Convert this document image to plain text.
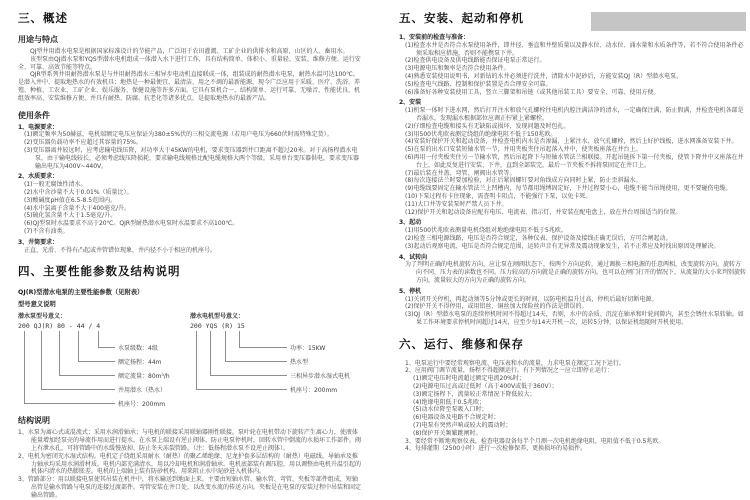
三、概述
用途与特点
QJ型井用潜水电泵是根据国家标准设计的节能产品，广泛用于农田灌溉、工矿企业的供排水和高原、山区的人、畜用水。
该型泵由QJ潜水泵和YQS型潜水电机组成一体潜入水下进行工作，具有结构简单、体积小、重量轻、安装、维修方便、运行安全、可靠、高效节能等特点。
QJR型系列井用耐热潜水泵是与井用耐热潜水三相异步电动机直接联成一体，组装成的耐热潜水电泵，耐热水温可达100℃。是潜入井中、提取地热水的有效机具；地热是一种最便宜、最清洁、用之不竭的最新能源，现今广泛应用于采暖、医疗、洗浴、养殖、种植、工农业、工矿企业、娱乐服务、保健设施等许多方面。它具有泵机合一、结构简单、运行可靠、无噪音、性能优良、机组效率高、安装维修方便、并具有耐热、防腐、抗老化等诸多优点，是提取地热水的最新产品。
使用条件
1、电源要求：
(1)额定频率为50赫兹，电机端额定电压应保证为380±5%伏的三相交流电源（若用户电压为660伏时需特殊定货）。
(2)变压器负载功率不应超过其容量的75%。
(3)变压器离井较远时，应考虑输电线压降，对功率大于45KW的电机，要求变压器到井口距离不超过20米。对于高扬程潜水电泵，由于输电线较长，必须考虑线压降损耗，要求输电线规格比配电缆规格大两个等级。采用单台变压器供电，要求变压器输出电压为400V~440V。
2、水质要求：
(1)一般无腐蚀性清水。
(2)水中含沙量不大于0.01%（质量比）。
(3)酸碱度pH值在6.5-8.5范围内。
(4)水中氯离子含量不大于400毫克/升。
(5)硫化氢含量不大于1.5毫克/升。
(6)QJ型泵时水温要求不高于20℃。QJR型耐热潜水电泵时水温要求不高100℃。
(7)不含有油类。
3、井筒要求：
正直、光滑、不得有凸起或井管错位现象，井内径不小于相应的机座号。
四、主要性能参数及结构说明
QJ(R)型潜水电泵的主要性能参数（见附表）
型号意义说明
潜水泵型号意义：
200 QJ(R) 80 - 44 / 4
水泵级数：4级
额定扬程：44m
额定流量：80m³/h
井用潜水（热水）
机座号：200mm
潜水电机型号意义：
200 YQS (R) 15
功率：15KW
热水型
三相异步潜水湿式电机
机座号：200mm
结构说明
1、水泵为离心式或混流式；采用水润滑轴承；与电机的联接采用联轴器刚性联接。泵叶轮在电机带动下旋转产生离心力，使液体能量增加经泵壳的导流作用而进行提水。在水泵上端设有逆止阀体，防止电泵停机时，回转水管中倒流的水损坏工作部件。阀上有泄水孔，可将管路中的水缓慢放掉，防止冬天冻裂管路。（注：低扬程潜水泵不设逆止阀体）。
2、电机为密闭充水湿式结构。电机定子绕组采用耐水（耐热）的聚乙烯绝缘、尼龙护套多层结构的（耐热）电磁线。导轴承及推力轴承均采用水润滑材质。电机内部充满清水，用以冷却电机和润滑轴承。电机底部装有调压腔，用以调整由电机升温引起的机体内清水的热膨胀差。电机的上端轴上装有防砂机构，用来阻止水中泥砂进入机体内。
3、管路部分：用以联接电泵使其吊装在机井中，将水输送到地面上来。主要由短轴水管、输水管、弯管、夹板等部件组成，短轴出管是输水管路与电泵的连接过渡部件。弯管安装在井口处，以改变水流的传送方向。夹板是在电泵的安装过程中吊装和固定输出管路。
五、安装、起动和停机
1、安装前的检查与准备：
(1)检查水井是否符合水泵使用条件，即井径、垂直和井壁质量以及静水位、动水位、涌水量和水质条件等，若不符合使用条件必须采取相应措施，否则不能携泵下井。
(2)检查供电设备及供电线路能否保证电泵正常运行。
(3)电源电压和频率是否符合使用条件。
(4)熟悉安装使用说明书，对新钻的水井必须进行洗井，清除水中泥砂后，方能安装QJ（R）型潜水电泵。
(5)检查电气线路、控制和保护装置是否合理安全可靠。
(6)准备好各种安装使用工具，竖立三脚架和吊链（或其他吊装工具）要安全、可靠、使用方便。
2、安装
(1)机泵一体时下进水网，然后打开注水和放气孔螺栓往电机内腔注满洁净的清水，一定确保注满，防止假满，并检查电机各部是否漏水。发现漏水根据部位应调正拧紧上紧螺栓。
(2)仔细检查电缆和接头有无缺陷或损坏，发现问题及时包扎。
(3)用500伏兆欧表测定绕组的绝缘电阻不低于150兆欧。
(4)安装好保护开关和起动设备，并检查电机内水是否渗漏，上紧注水、放气孔螺栓，然后上好护线板，进水网准备安装下井。
(5)在泵的出水口安装短轴水管一节，并用夹板夹住吊起落入井中，使夹板座落在井台上。
(6)再用一付夹板夹住另一节输水管，然后吊起降下与短轴水管法兰相联接。开起吊链拆下第一付夹板，使管下降井中又座落在井台上，如此反复进行安装、下井，直到全部装完，最后一节夹板不拆将泵固定在井口上。
(7)最后装在井盖、弯管、闸阀出水管等。
(8)每次连接法兰时要加检验，对正后紧固螺钉要对角线成方向同时上紧，防止歪斜漏水。
(9)电缆线要固定在输水管法兰上凹槽内，每节都用绳缚固定好，下井过程要小心，电缆不能当吊绳使用，更不要碰伤电缆。
(10)下泵过程有卡住现象，需查明卡阻点，不能强行下泵，以免卡死。
(11)大口井等安装泵时严禁人员下井。
(12)保护开关和起动设备应配有电压、电流表、指示灯，并安装在配电盘上，放在井台周围适当的位置。
3、起动
(1)用500伏兆欧表测量电机绕组对地绝缘电阻不低于5兆欧。
(2)检查三相电源线路，电压是否符合规定，各种仪表、保护设备及接线正确无误后，方可合闸起动。
(3)起动后观察电流、电压是否符合规定范围，运转声音有无异常及震动现象发生，若不正常应及时找出原因处理解决。
4、试转向
为了判明正确的电机旋转方向，应让泵在闸阀状态下，按两个方向运转，通过调换三相电源的任意两相，改变旋转方向。旋转方向不同，压力表的读数也不同。压力较高的方向就是正确的旋转方向。也可以在闸门打开的情况下，从流量的大小来判别旋转方向，流量较大的方向为正确的旋转方向。
5、停机
(1)关闭开关停机，再起动须等5分钟或更长的时间，以防电机温升过高，停机后最好切断电源。
(2)保护开关不得停用，或用铝丝、铜丝加大保险丝的作法是错误的。
(3)QJ（R）型潜水电泵的连续停机时间不得超过14天，否则，水中的杂质、沉淀在轴承和叶轮间隙内，甚至会锈住水泵转轴。如果工作环境要求停机时间超过14天，应至少每14天开机一次，运转5分钟，以保证机组随时开机使用。
六、运行、维修和保存
1、电泵运行中要经常观察电流、电压表和水的流量，力求电泵在额定工况下运行。
2、应用阀门调节流量，扬程不得超额运行。有下列情况之一应立即停止运行：
(1)额定电压时电流超过额定电流20%时；
(2)电源电压过高或过低时（高于400V或低于360V）；
(3)额定扬程下，流量较正常情况下降低较大；
(4)绝缘电阻低于0.5兆欧；
(5)动水位降至泵吸入口时；
(6)电器设备及电路不合规定时；
(7)电泵有突然声响或较大的震动时；
(8)保护开关频繁跳闸时。
3、要经常不断地观察仪表，检查电器设备每半个月测一次电机绝缘电阻，电阻值不低于0.5兆欧。
4、每排灌期（2500小时）进行一次检修保养，更换损坏的易损件。
